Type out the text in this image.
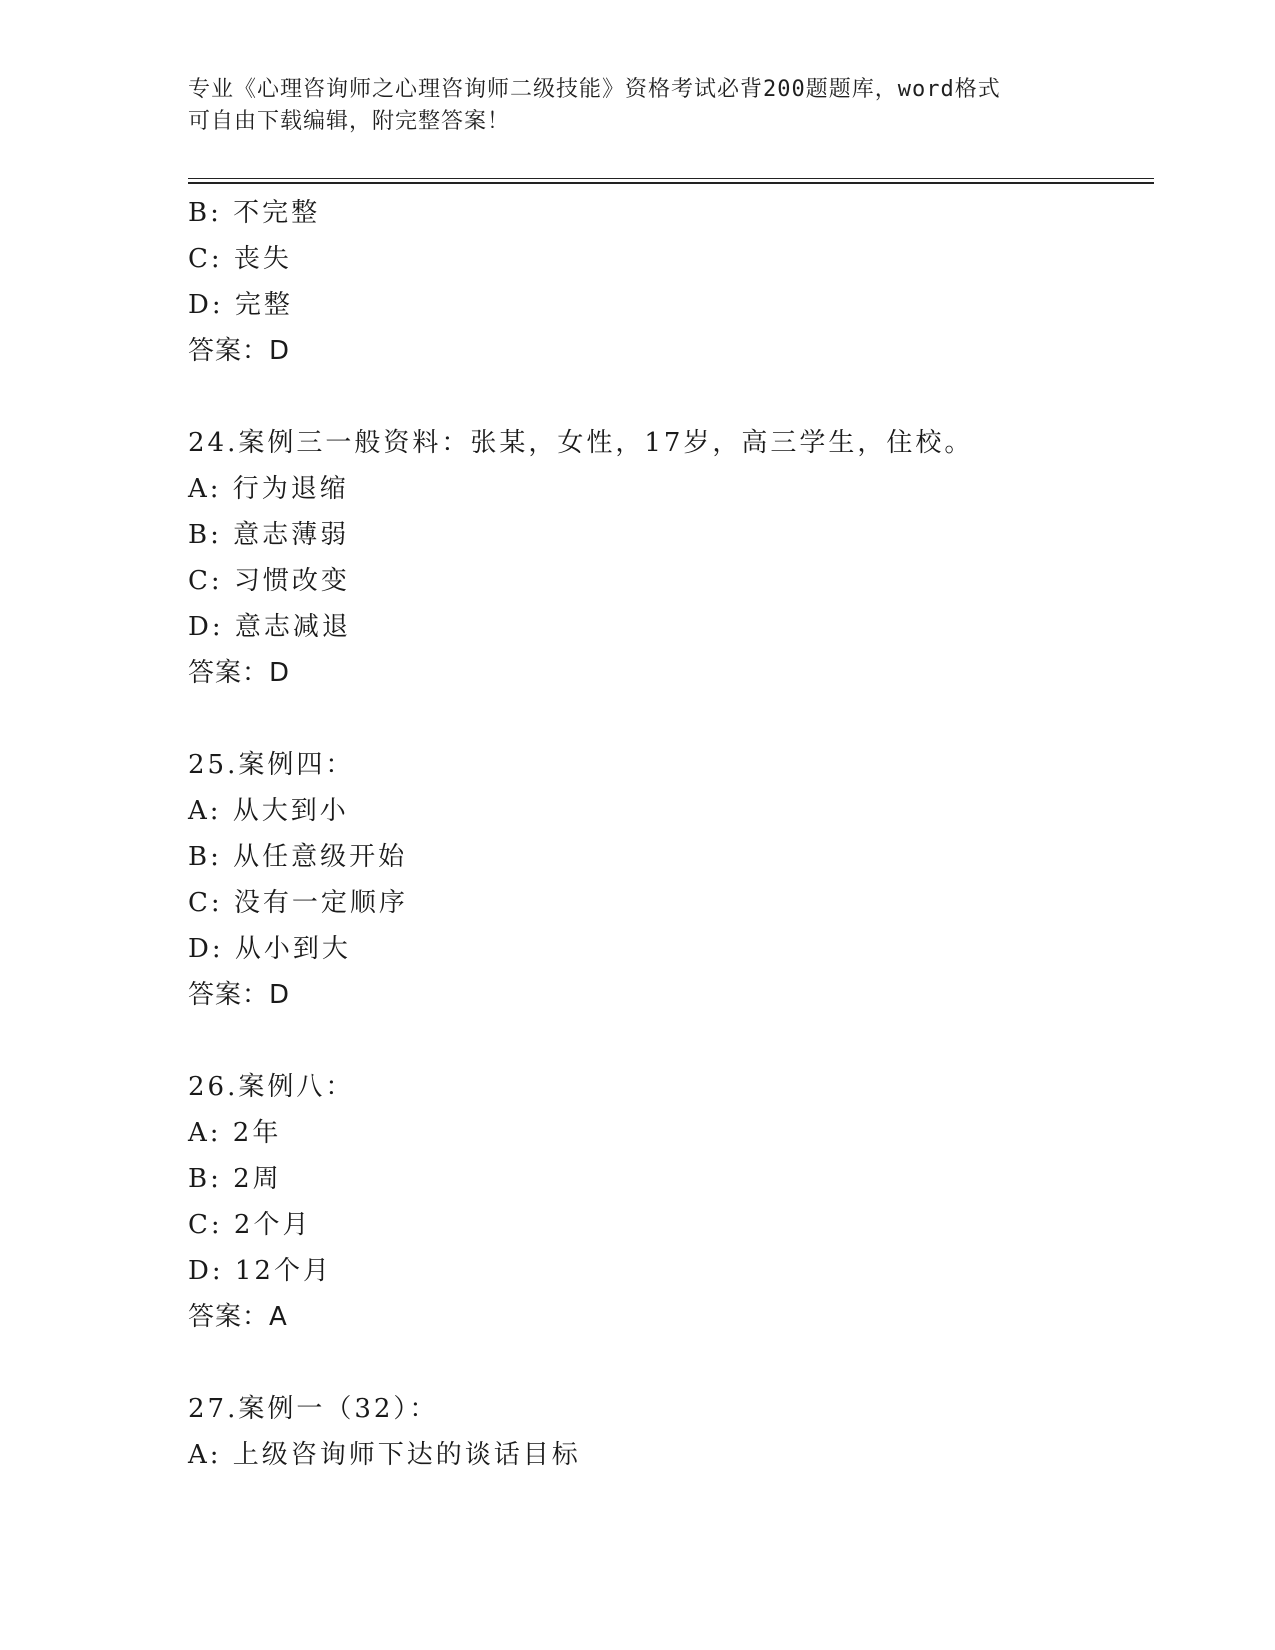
专业《心理咨询师之心理咨询师二级技能》资格考试必背200题题库，word格式
可自由下载编辑，附完整答案！
B: 不完整
C: 丧失
D: 完整
答案：D
24.案例三一般资料：张某，女性，17岁，高三学生，住校。
A: 行为退缩
B: 意志薄弱
C: 习惯改变
D: 意志减退
答案：D
25.案例四：
A: 从大到小
B: 从任意级开始
C: 没有一定顺序
D: 从小到大
答案：D
26.案例八：
A: 2年
B: 2周
C: 2个月
D: 12个月
答案：A
27.案例一（32）：
A: 上级咨询师下达的谈话目标
